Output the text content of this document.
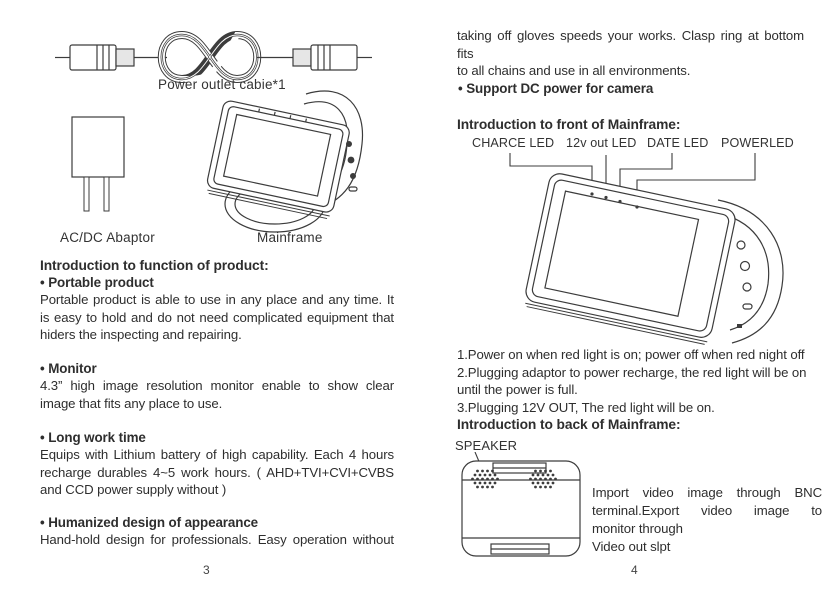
Power outlet cabie*1
AC/DC Abaptor	Mainframe
Introduction to function of product:
• Portable product
Portable product is able to use in any place and any time. It
is easy to hold and do not need complicated equipment that
hiders the inspecting and repairing.
• Monitor
4.3” high image resolution monitor enable to show clear
image that fits any place to use.
• Long work time
Equips with Lithium battery of high capability. Each 4 hours
recharge durables 4~5 work hours. ( AHD+TVI+CVI+CVBS
and CCD power supply without )
• Humanized design of appearance
Hand-hold design for professionals. Easy operation without
3
taking off gloves speeds your works. Clasp ring at bottom fits
to all chains and use in all environments.
• Support DC power for camera
Introduction to front of Mainframe:
CHARCE LED 12v out LED DATE LED POWERLED
1.Power on when red light is on; power off when red night off
2.Plugging adaptor to power recharge, the red light will be on
until the power is full.
3.Plugging 12V OUT, The red light will be on.
Introduction to back of Mainframe:
SPEAKER
Import video image through BNC
terminal.Export video image to
monitor through
Video out slpt
4
